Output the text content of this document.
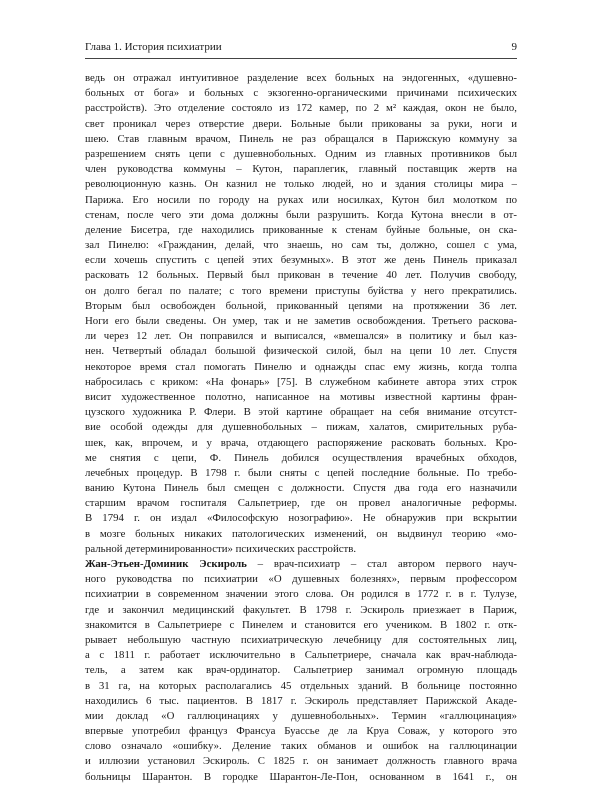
Глава 1. История психиатрии	9
ведь он отражал интуитивное разделение всех больных на эндогенных, «душевно-
больных от бога» и больных с экзогенно-органическими причинами психических
расстройств). Это отделение состояло из 172 камер, по 2 м² каждая, окон не было,
свет проникал через отверстие двери. Больные были прикованы за руки, ноги и
шею. Став главным врачом, Пинель не раз обращался в Парижскую коммуну за
разрешением снять цепи с душевнобольных. Одним из главных противников был
член руководства коммуны – Кутон, параплегик, главный поставщик жертв на
революционную казнь. Он казнил не только людей, но и здания столицы мира –
Парижа. Его носили по городу на руках или носилках, Кутон бил молотком по
стенам, после чего эти дома должны были разрушить. Когда Кутона внесли в от-
деление Бисетра, где находились прикованные к стенам буйные больные, он ска-
зал Пинелю: «Гражданин, делай, что знаешь, но сам ты, должно, сошел с ума,
если хочешь спустить с цепей этих безумных». В этот же день Пинель приказал
расковать 12 больных. Первый был прикован в течение 40 лет. Получив свободу,
он долго бегал по палате; с того времени приступы буйства у него прекратились.
Вторым был освобожден больной, прикованный цепями на протяжении 36 лет.
Ноги его были сведены. Он умер, так и не заметив освобождения. Третьего раскова-
ли через 12 лет. Он поправился и выписался, «вмешался» в политику и был каз-
нен. Четвертый обладал большой физической силой, был на цепи 10 лет. Спустя
некоторое время стал помогать Пинелю и однажды спас ему жизнь, когда толпа
набросилась с криком: «На фонарь» [75]. В служебном кабинете автора этих строк
висит художественное полотно, написанное на мотивы известной картины фран-
цузского художника Р. Флери. В этой картине обращает на себя внимание отсутст-
вие особой одежды для душевнобольных – пижам, халатов, смирительных рубa-
шек, как, впрочем, и у врача, отдающего распоряжение расковать больных. Кро-
ме снятия с цепи, Ф. Пинель добился осуществления врачебных обходов,
лечебных процедур. В 1798 г. были сняты с цепей последние больные. По требо-
ванию Кутона Пинель был смещен с должности. Спустя два года его назначили
старшим врачом госпиталя Сальпетриер, где он провел аналогичные реформы.
В 1794 г. он издал «Философскую нозографию». Не обнаружив при вскрытии
в мозге больных никаких патологических изменений, он выдвинул теорию «мо-
ральной детерминированности» психических расстройств.
Жан-Этьен-Доминик Эскироль – врач-психиатр – стал автором первого науч-
ного руководства по психиатрии «О душевных болезнях», первым профессором
психиатрии в современном значении этого слова. Он родился в 1772 г. в г. Тулузе,
где и закончил медицинский факультет. В 1798 г. Эскироль приезжает в Париж,
знакомится в Сальпетриере с Пинелем и становится его учеником. В 1802 г. отк-
рывает небольшую частную психиатрическую лечебницу для состоятельных лиц,
а с 1811 г. работает исключительно в Сальпетриере, сначала как врач-наблюда-
тель, а затем как врач-ординатор. Сальпетриер занимал огромную площадь
в 31 га, на которых располагались 45 отдельных зданий. В больнице постоянно
находились 6 тыс. пациентов. В 1817 г. Эскироль представляет Парижской Акаде-
мии доклад «О галлюцинациях у душевнобольных». Термин «галлюцинация»
впервые употребил француз Франсуа Буассье де ла Круа Соваж, у которого это
слово означало «ошибку». Деление таких обманов и ошибок на галлюцинации
и иллюзии установил Эскироль. С 1825 г. он занимает должность главного врача
больницы Шарантон. В городке Шарантон-Ле-Пон, основанном в 1641 г., он
